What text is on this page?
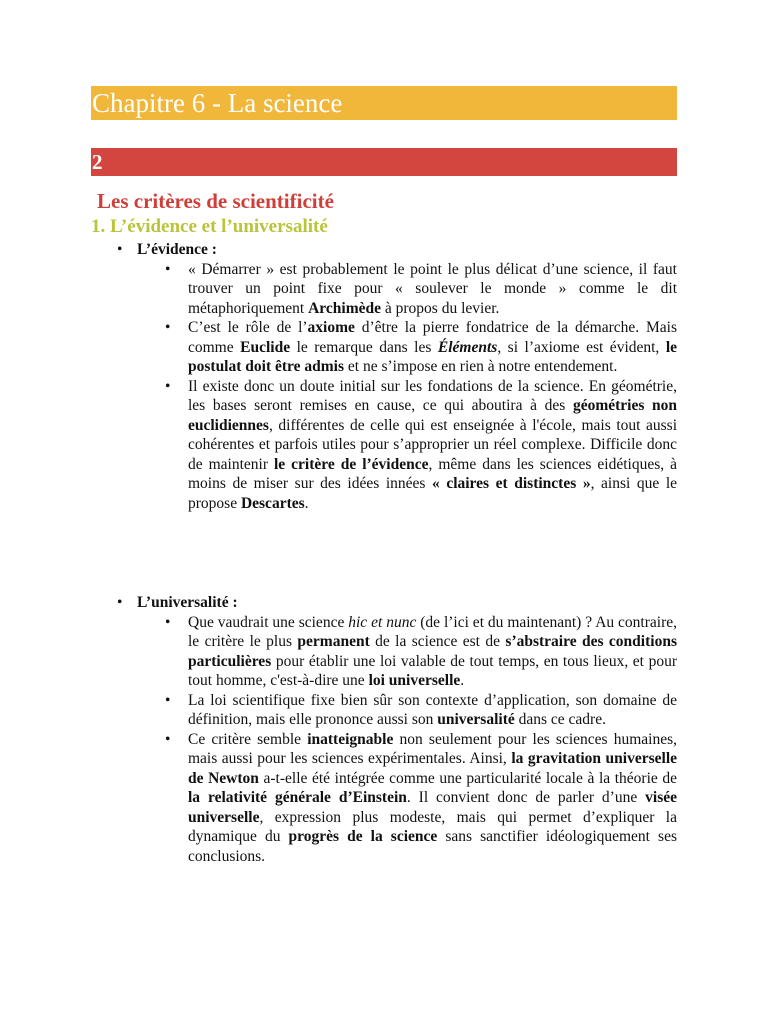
Chapitre 6 - La science
2
Les critères de scientificité
1. L’évidence et l’universalité
• L’évidence :
• « Démarrer » est probablement le point le plus délicat d’une science, il faut trouver un point fixe pour « soulever le monde » comme le dit métaphoriquement Archimède à propos du levier.
• C’est le rôle de l’axiome d’être la pierre fondatrice de la démarche. Mais comme Euclide le remarque dans les Éléments, si l’axiome est évident, le postulat doit être admis et ne s’impose en rien à notre entendement.
• Il existe donc un doute initial sur les fondations de la science. En géométrie, les bases seront remises en cause, ce qui aboutira à des géométries non euclidiennes, différentes de celle qui est enseignée à l'école, mais tout aussi cohérentes et parfois utiles pour s’approprier un réel complexe. Difficile donc de maintenir le critère de l’évidence, même dans les sciences eidétiques, à moins de miser sur des idées innées « claires et distinctes », ainsi que le propose Descartes.
• L’universalité :
• Que vaudrait une science hic et nunc (de l’ici et du maintenant) ? Au contraire, le critère le plus permanent de la science est de s’abstraire des conditions particulières pour établir une loi valable de tout temps, en tous lieux, et pour tout homme, c'est-à-dire une loi universelle.
• La loi scientifique fixe bien sûr son contexte d’application, son domaine de définition, mais elle prononce aussi son universalité dans ce cadre.
• Ce critère semble inatteignable non seulement pour les sciences humaines, mais aussi pour les sciences expérimentales. Ainsi, la gravitation universelle de Newton a-t-elle été intégrée comme une particularité locale à la théorie de la relativité générale d’Einstein. Il convient donc de parler d’une visée universelle, expression plus modeste, mais qui permet d’expliquer la dynamique du progrès de la science sans sanctifier idéologiquement ses conclusions.
